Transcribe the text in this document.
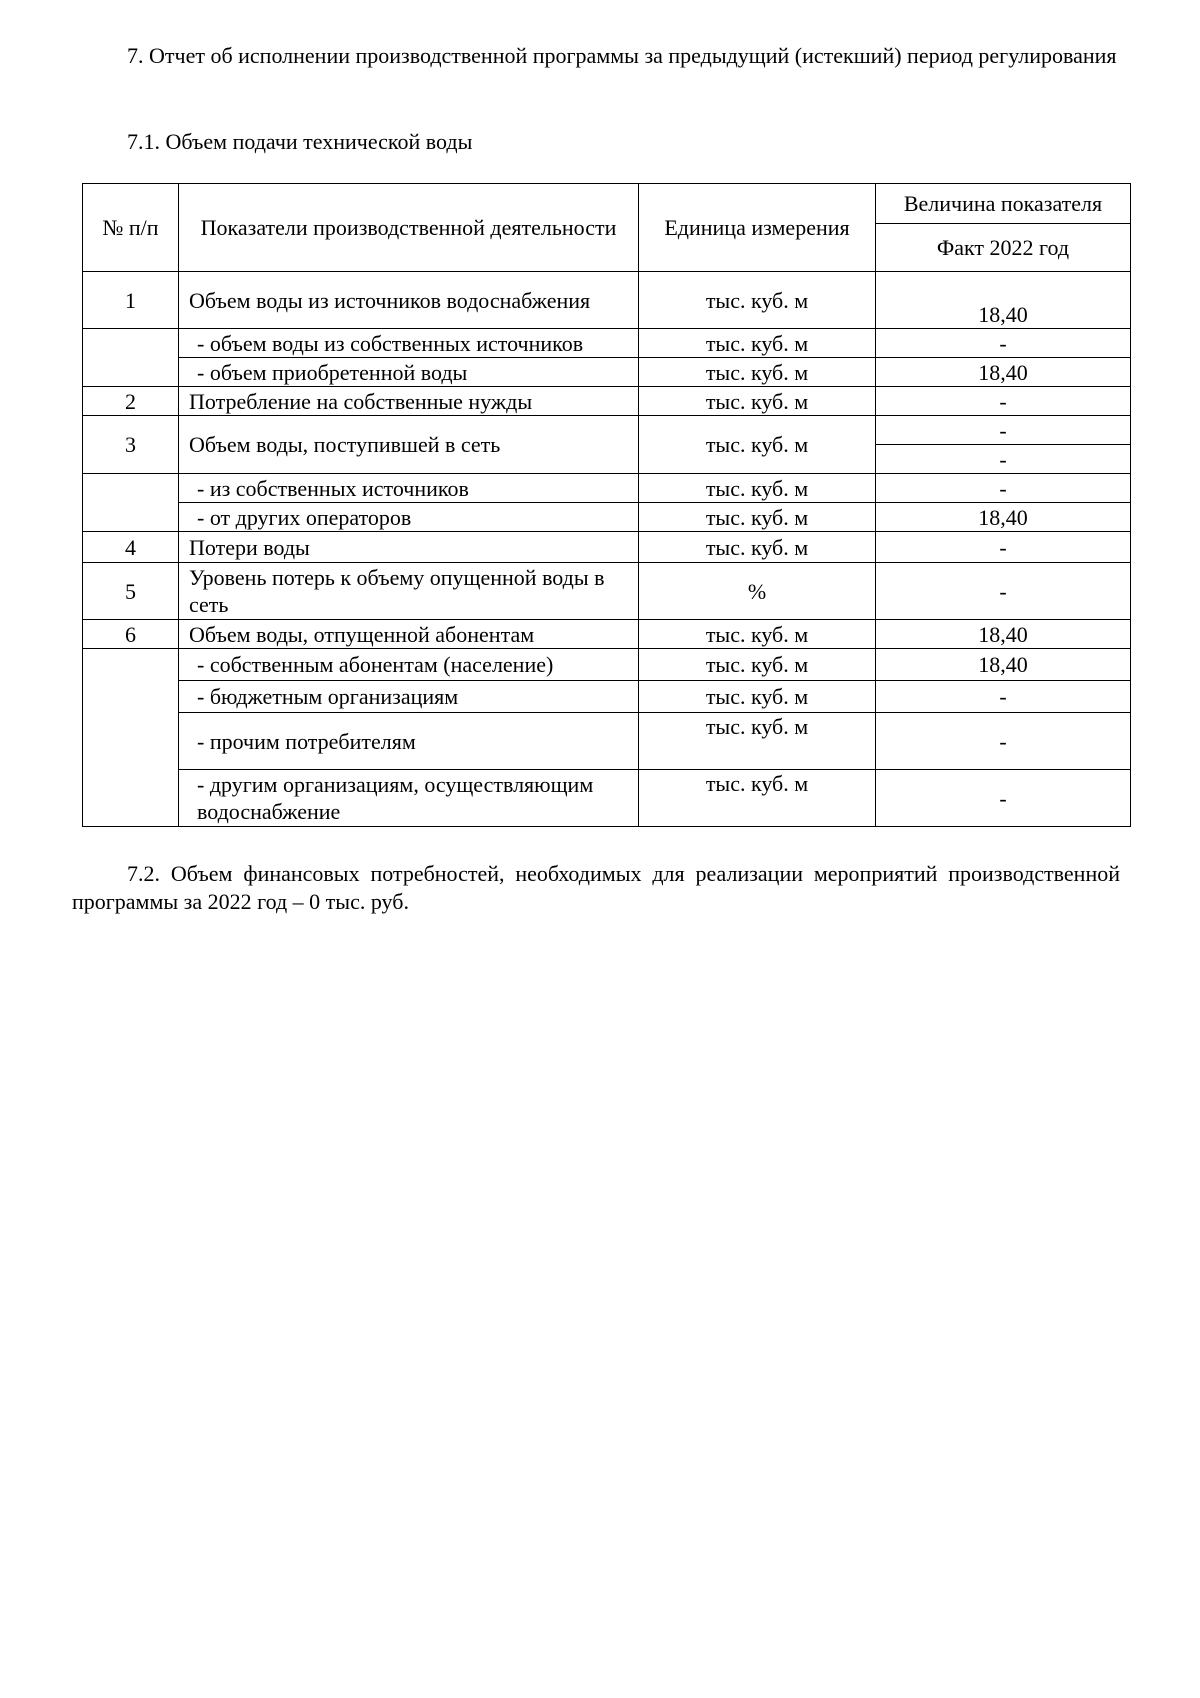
7. Отчет об исполнении производственной программы за предыдущий (истекший) период регулирования

7.1. Объем подачи технической воды

№ п/п	Показатели производственной деятельности	Единица измерения	Величина показателя
			Факт 2022 год
1	Объем воды из источников водоснабжения	тыс. куб. м	18,40
	- объем воды из собственных источников	тыс. куб. м	-
	- объем приобретенной воды	тыс. куб. м	18,40
2	Потребление на собственные нужды	тыс. куб. м	-
3	Объем воды, поступившей в сеть	тыс. куб. м	-
			-
	- из собственных источников	тыс. куб. м	-
	- от других операторов	тыс. куб. м	18,40
4	Потери воды	тыс. куб. м	-
5	Уровень потерь к объему опущенной воды в сеть	%	-
6	Объем воды, отпущенной абонентам	тыс. куб. м	18,40
	- собственным абонентам (население)	тыс. куб. м	18,40
	- бюджетным организациям	тыс. куб. м	-
	- прочим потребителям	тыс. куб. м	-
	- другим организациям, осуществляющим водоснабжение	тыс. куб. м	-

7.2. Объем финансовых потребностей, необходимых для реализации мероприятий производственной программы за 2022 год – 0 тыс. руб.
